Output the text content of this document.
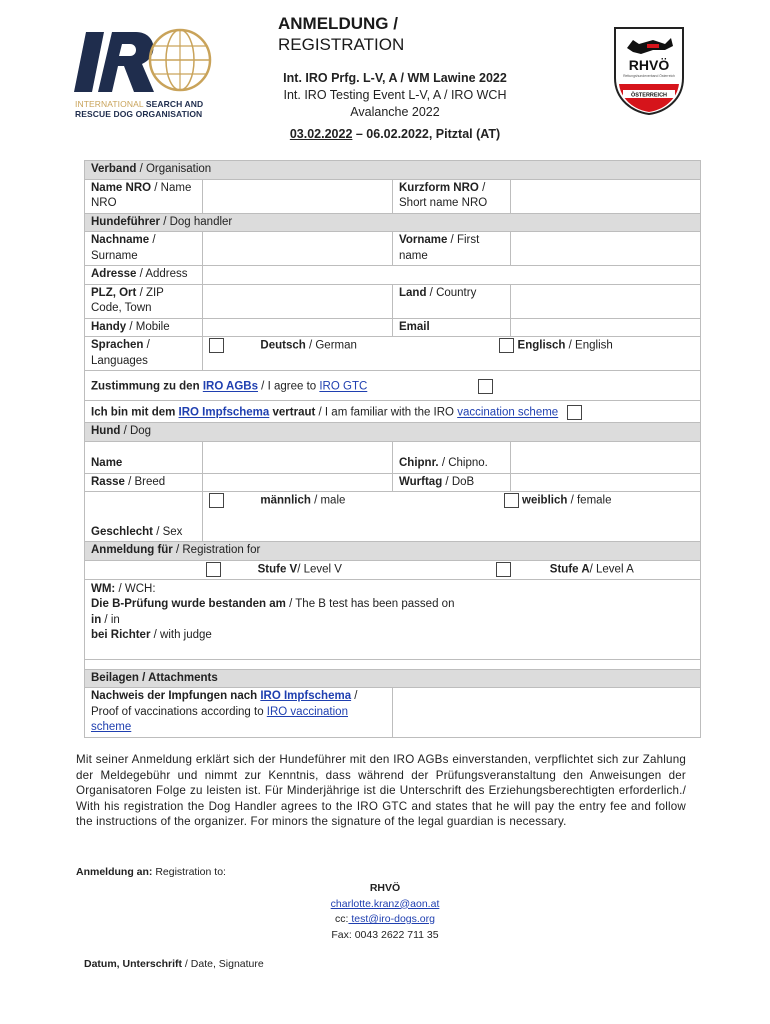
INTERNATIONAL SEARCH AND
RESCUE DOG ORGANISATION
ANMELDUNG /
REGISTRATION
Int. IRO Prfg. L-V, A / WM Lawine 2022
Int. IRO Testing Event L-V, A / IRO WCH
Avalanche 2022
03.02.2022 – 06.02.2022, Pitztal (AT)
RHVÖ
Rettungshundeverband Österreich
ÖSTERREICH
Verband / Organisation			
Name NRO / Name NRO		Kurzform NRO / Short name NRO	
Hundeführer / Dog handler			
Nachname / Surname		Vorname / First name	
Adresse / Address			
PLZ, Ort / ZIP Code, Town		Land / Country	
Handy / Mobile		Email	
Sprachen / Languages	Deutsch / German Englisch / English		
Zustimmung zu den IRO AGBs / I agree to IRO GTC			
Ich bin mit dem IRO Impfschema vertraut / I am familiar with the IRO vaccination scheme			
Hund / Dog			
Name		Chipnr. / Chipno.	
Rasse / Breed		Wurftag / DoB	
Geschlecht / Sex	männlich / male weiblich / female		
Anmeldung für / Registration for			
Stufe V/ Level V Stufe A/ Level A			

WM: / WCH:
Die B-Prüfung wurde bestanden am / The B test has been passed on
in / in
bei Richter / with judge			

Beilagen / Attachments			
Nachweis der Impfungen nach IRO Impfschema / Proof of vaccinations according to IRO vaccination scheme			
Mit seiner Anmeldung erklärt sich der Hundeführer mit den IRO AGBs einverstanden, verpflichtet sich zur Zahlung der Meldegebühr und nimmt zur Kenntnis, dass während der Prüfungsveranstaltung den Anweisungen der Organisatoren Folge zu leisten ist. Für Minderjährige ist die Unterschrift des Erziehungsberechtigten erforderlich./ With his registration the Dog Handler agrees to the IRO GTC and states that he will pay the entry fee and follow the instructions of the organizer. For minors the signature of the legal guardian is necessary.
Anmeldung an: Registration to:
RHVÖ
charlotte.kranz@aon.at
cc: test@iro-dogs.org
Fax: 0043 2622 711 35
Datum, Unterschrift / Date, Signature
